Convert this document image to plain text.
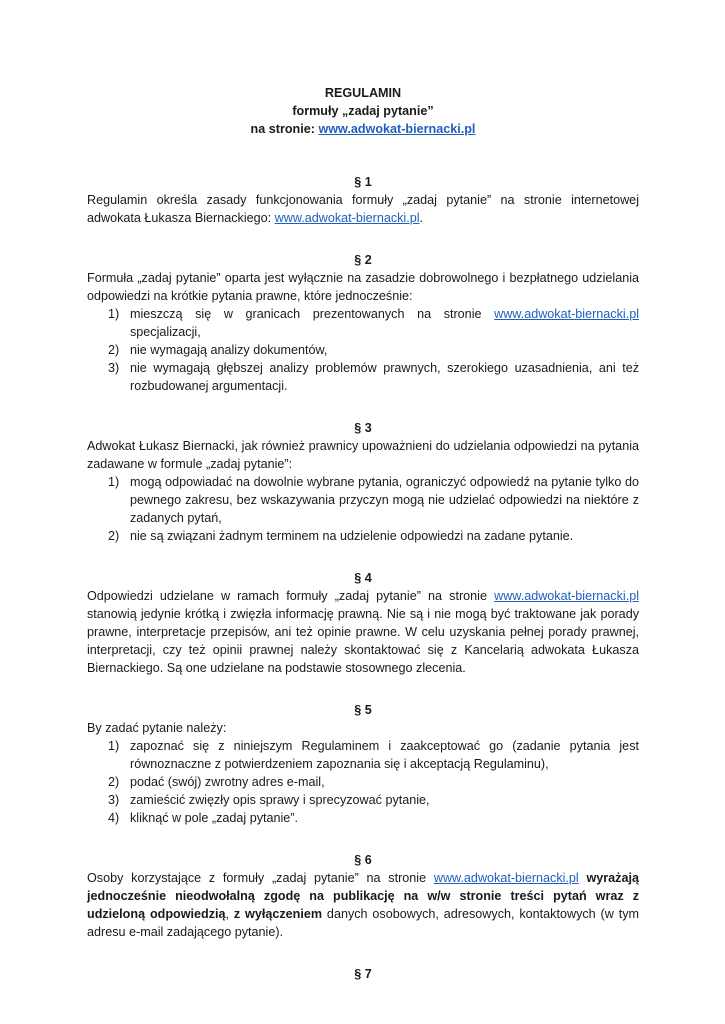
REGULAMIN
formuły „zadaj pytanie”
na stronie: www.adwokat-biernacki.pl
§ 1

Regulamin określa zasady funkcjonowania formuły „zadaj pytanie” na stronie internetowej adwokata Łukasza Biernackiego: www.adwokat-biernacki.pl.

§ 2

Formuła „zadaj pytanie” oparta jest wyłącznie na zasadzie dobrowolnego i bezpłatnego udzielania odpowiedzi na krótkie pytania prawne, które jednocześnie:

1) mieszczą się w granicach prezentowanych na stronie www.adwokat-biernacki.pl specjalizacji,
2) nie wymagają analizy dokumentów,
3) nie wymagają głębszej analizy problemów prawnych, szerokiego uzasadnienia, ani też rozbudowanej argumentacji.
§ 3

Adwokat Łukasz Biernacki, jak również prawnicy upoważnieni do udzielania odpowiedzi na pytania zadawane w formule „zadaj pytanie”:

1) mogą odpowiadać na dowolnie wybrane pytania, ograniczyć odpowiedź na pytanie tylko do pewnego zakresu, bez wskazywania przyczyn mogą nie udzielać odpowiedzi na niektóre z zadanych pytań,
2) nie są związani żadnym terminem na udzielenie odpowiedzi na zadane pytanie.
§ 4

Odpowiedzi udzielane w ramach formuły „zadaj pytanie” na stronie www.adwokat-biernacki.pl stanowią jedynie krótką i zwięzła informację prawną. Nie są i nie mogą być traktowane jak porady prawne, interpretacje przepisów, ani też opinie prawne. W celu uzyskania pełnej porady prawnej, interpretacji, czy też opinii prawnej należy skontaktować się z Kancelarią adwokata Łukasza Biernackiego. Są one udzielane na podstawie stosownego zlecenia.

§ 5

By zadać pytanie należy:

1) zapoznać się z niniejszym Regulaminem i zaakceptować go (zadanie pytania jest równoznaczne z potwierdzeniem zapoznania się i akceptacją Regulaminu),
2) podać (swój) zwrotny adres e-mail,
3) zamieścić zwięzły opis sprawy i sprecyzować pytanie,
4) kliknąć w pole „zadaj pytanie”.
§ 6

Osoby korzystające z formuły „zadaj pytanie” na stronie www.adwokat-biernacki.pl wyrażają jednocześnie nieodwołalną zgodę na publikację na w/w stronie treści pytań wraz z udzieloną odpowiedzią, z wyłączeniem danych osobowych, adresowych, kontaktowych (w tym adresu e-mail zadającego pytanie).

§ 7
